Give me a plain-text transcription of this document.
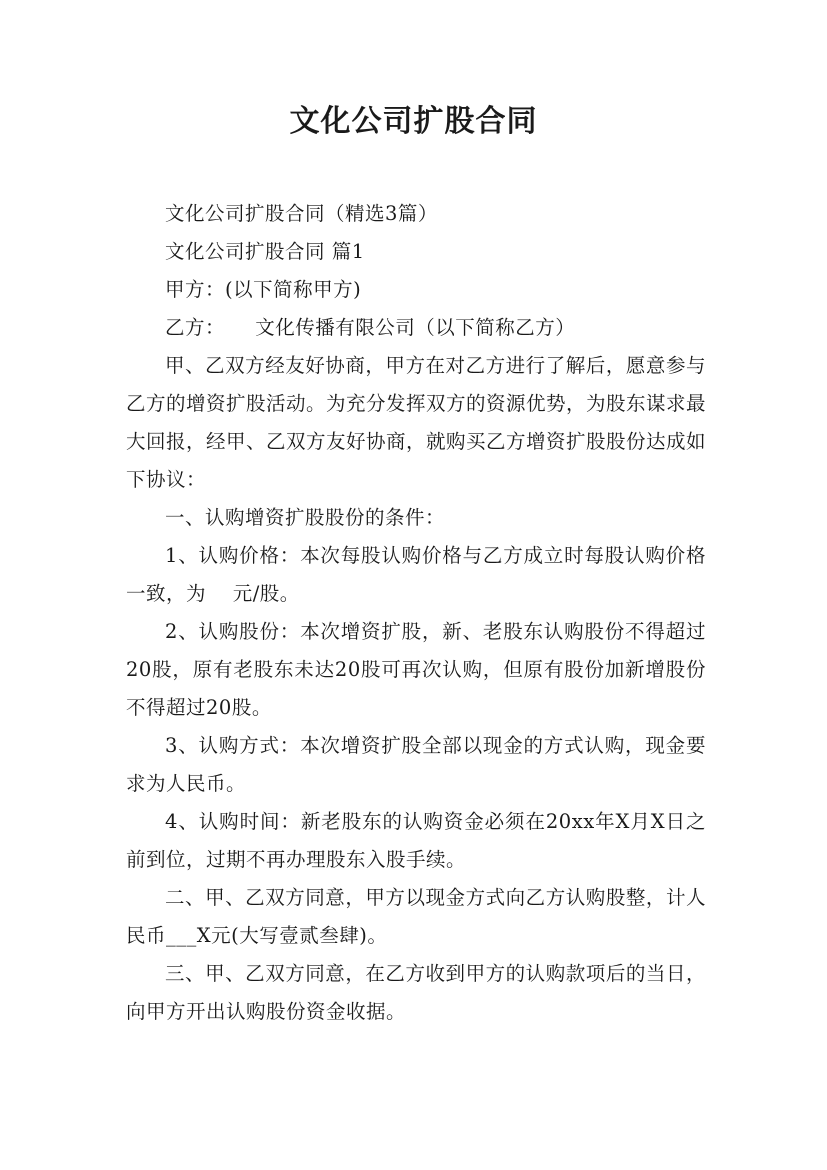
文化公司扩股合同

文化公司扩股合同（精选3篇）

文化公司扩股合同 篇1

甲方：(以下简称甲方)

乙方：　　文化传播有限公司（以下简称乙方）

甲、乙双方经友好协商，甲方在对乙方进行了解后，愿意参与乙方的增资扩股活动。为充分发挥双方的资源优势，为股东谋求最大回报，经甲、乙双方友好协商，就购买乙方增资扩股股份达成如下协议：

一、认购增资扩股股份的条件：

1、认购价格：本次每股认购价格与乙方成立时每股认购价格一致，为　 元/股。

2、认购股份：本次增资扩股，新、老股东认购股份不得超过20股，原有老股东未达20股可再次认购，但原有股份加新增股份不得超过20股。

3、认购方式：本次增资扩股全部以现金的方式认购，现金要求为人民币。

4、认购时间：新老股东的认购资金必须在20xx年X月X日之前到位，过期不再办理股东入股手续。

二、甲、乙双方同意，甲方以现金方式向乙方认购股整，计人民币___X元(大写壹贰叁肆)。

三、甲、乙双方同意，在乙方收到甲方的认购款项后的当日，向甲方开出认购股份资金收据。
